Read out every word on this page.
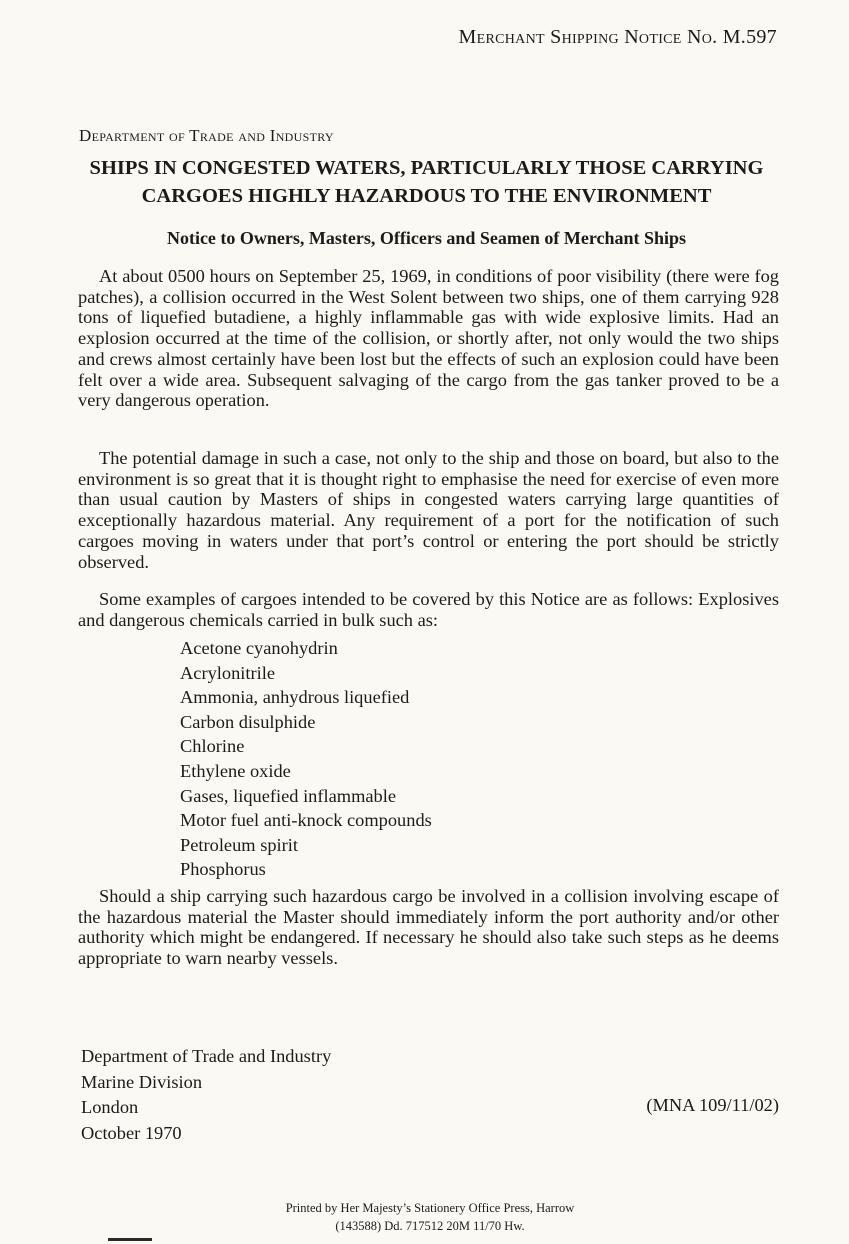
Merchant Shipping Notice No. M.597
Department of Trade and Industry
SHIPS IN CONGESTED WATERS, PARTICULARLY THOSE CARRYING
CARGOES HIGHLY HAZARDOUS TO THE ENVIRONMENT
Notice to Owners, Masters, Officers and Seamen of Merchant Ships

At about 0500 hours on September 25, 1969, in conditions of poor visibility (there were fog patches), a collision occurred in the West Solent between two ships, one of them carrying 928 tons of liquefied butadiene, a highly inflammable gas with wide explosive limits. Had an explosion occurred at the time of the collision, or shortly after, not only would the two ships and crews almost certainly have been lost but the effects of such an explosion could have been felt over a wide area. Subsequent salvaging of the cargo from the gas tanker proved to be a very dangerous operation.

The potential damage in such a case, not only to the ship and those on board, but also to the environment is so great that it is thought right to emphasise the need for exercise of even more than usual caution by Masters of ships in congested waters carrying large quantities of exceptionally hazardous material. Any requirement of a port for the notification of such cargoes moving in waters under that port’s control or entering the port should be strictly observed.

Some examples of cargoes intended to be covered by this Notice are as follows: Explosives and dangerous chemicals carried in bulk such as:

Acetone cyanohydrin
Acrylonitrile
Ammonia, anhydrous liquefied
Carbon disulphide
Chlorine
Ethylene oxide
Gases, liquefied inflammable
Motor fuel anti-knock compounds
Petroleum spirit
Phosphorus

Should a ship carrying such hazardous cargo be involved in a collision involving escape of the hazardous material the Master should immediately inform the port authority and/or other authority which might be endangered. If necessary he should also take such steps as he deems appropriate to warn nearby vessels.

Department of Trade and Industry
Marine Division
London
October 1970
(MNA 109/11/02)
Printed by Her Majesty’s Stationery Office Press, Harrow
(143588) Dd. 717512 20M 11/70 Hw.
